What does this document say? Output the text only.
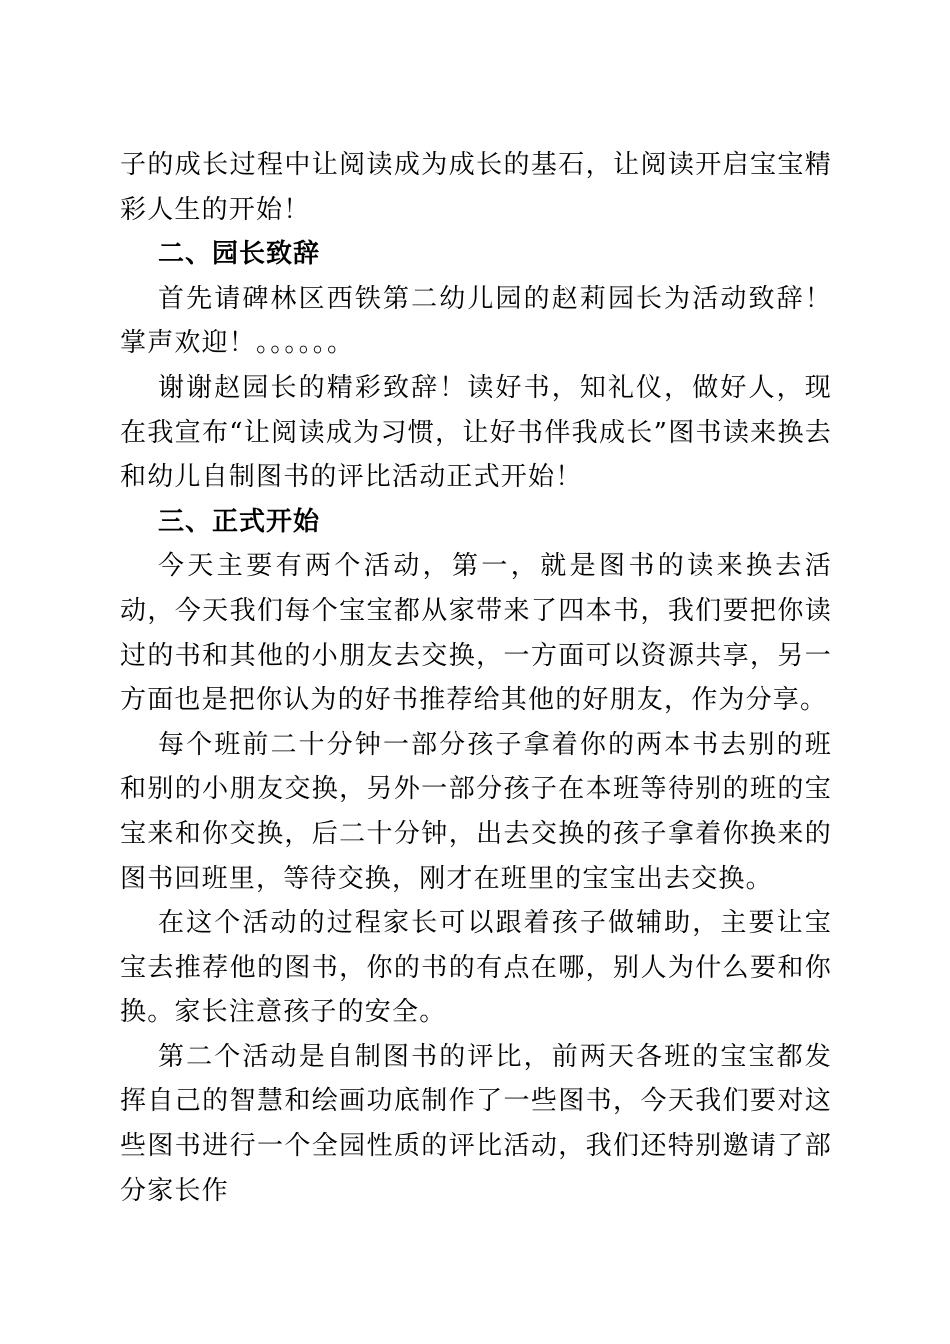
子的成长过程中让阅读成为成长的基石，让阅读开启宝宝精彩人生的开始！

二、园长致辞

首先请碑林区西铁第二幼儿园的赵莉园长为活动致辞！掌声欢迎！。。。。。。

谢谢赵园长的精彩致辞！读好书，知礼仪，做好人，现在我宣布“让阅读成为习惯，让好书伴我成长”图书读来换去和幼儿自制图书的评比活动正式开始！

三、正式开始

今天主要有两个活动，第一，就是图书的读来换去活动，今天我们每个宝宝都从家带来了四本书，我们要把你读过的书和其他的小朋友去交换，一方面可以资源共享，另一方面也是把你认为的好书推荐给其他的好朋友，作为分享。

每个班前二十分钟一部分孩子拿着你的两本书去别的班和别的小朋友交换，另外一部分孩子在本班等待别的班的宝宝来和你交换，后二十分钟，出去交换的孩子拿着你换来的图书回班里，等待交换，刚才在班里的宝宝出去交换。

在这个活动的过程家长可以跟着孩子做辅助，主要让宝宝去推荐他的图书，你的书的有点在哪，别人为什么要和你换。家长注意孩子的安全。

第二个活动是自制图书的评比，前两天各班的宝宝都发挥自己的智慧和绘画功底制作了一些图书，今天我们要对这些图书进行一个全园性质的评比活动，我们还特别邀请了部分家长作
